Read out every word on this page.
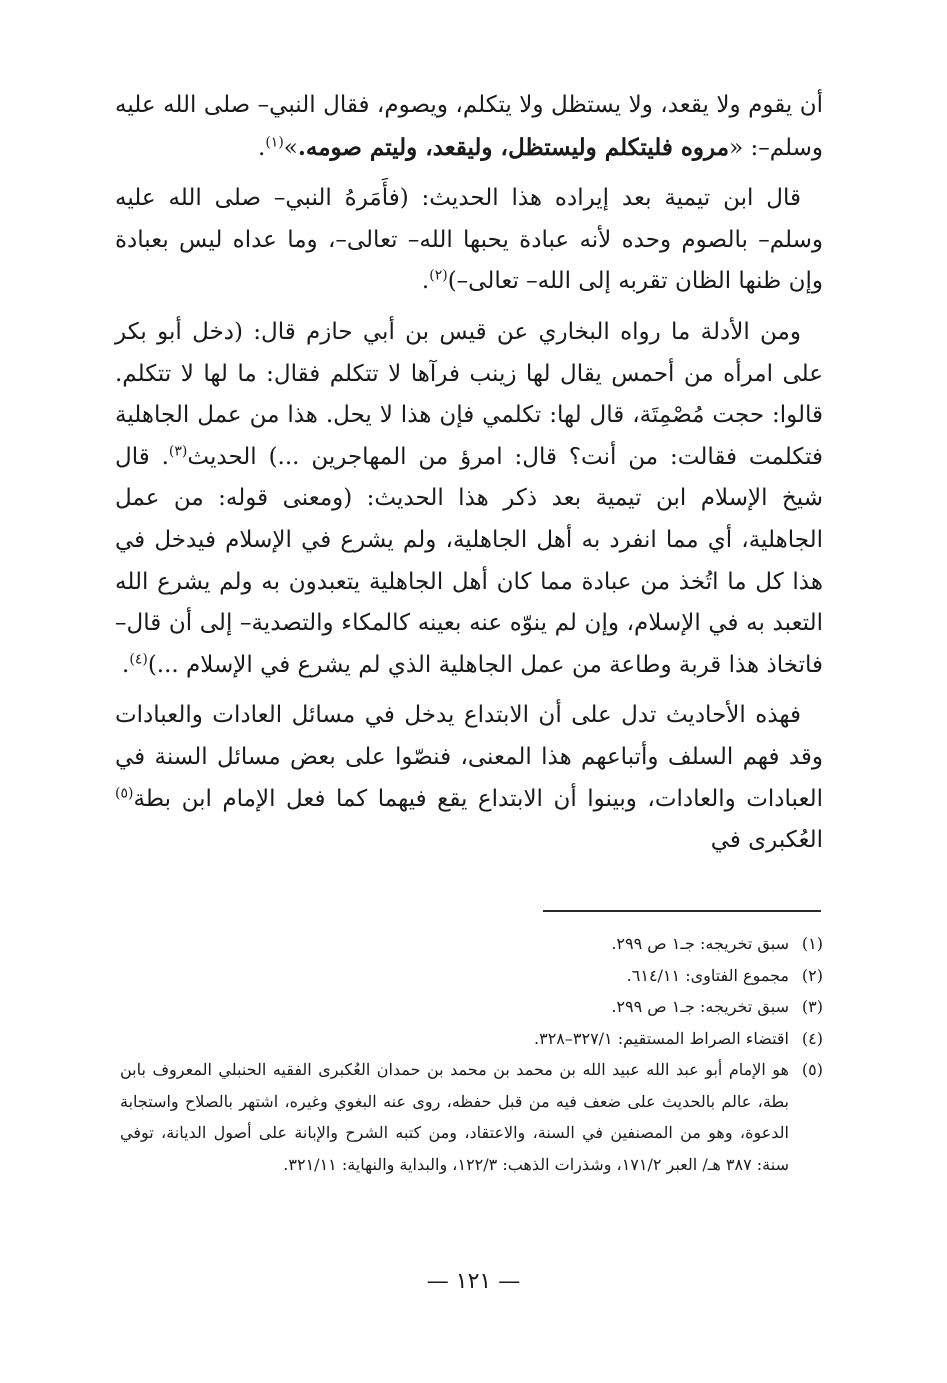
أن يقوم ولا يقعد، ولا يستظل ولا يتكلم، ويصوم، فقال النبي– صلى الله عليه وسلم–: «مروه فليتكلم وليستظل، وليقعد، وليتم صومه.»$^{(١)}$.

قال ابن تيمية بعد إيراده هذا الحديث: (فأَمَرهُ النبي– صلى الله عليه وسلم– بالصوم وحده لأنه عبادة يحبها الله– تعالى–، وما عداه ليس بعبادة وإن ظنها الظان تقربه إلى الله– تعالى–)$^{(٢)}$.

ومن الأدلة ما رواه البخاري عن قيس بن أبي حازم قال: (دخل أبو بكر على امرأه من أحمس يقال لها زينب فرآها لا تتكلم فقال: ما لها لا تتكلم. قالوا: حجت مُصْمِتَة، قال لها: تكلمي فإن هذا لا يحل. هذا من عمل الجاهلية فتكلمت فقالت: من أنت؟ قال: امرؤ من المهاجرين ...) الحديث$^{(٣)}$. قال شيخ الإسلام ابن تيمية بعد ذكر هذا الحديث: (ومعنى قوله: من عمل الجاهلية، أي مما انفرد به أهل الجاهلية، ولم يشرع في الإسلام فيدخل في هذا كل ما اتُخذ من عبادة مما كان أهل الجاهلية يتعبدون به ولم يشرع الله التعبد به في الإسلام، وإن لم ينوّه عنه بعينه كالمكاء والتصدية– إلى أن قال– فاتخاذ هذا قربة وطاعة من عمل الجاهلية الذي لم يشرع في الإسلام ...)$^{(٤)}$.

فهذه الأحاديث تدل على أن الابتداع يدخل في مسائل العادات والعبادات وقد فهم السلف وأتباعهم هذا المعنى، فنصّوا على بعض مسائل السنة في العبادات والعادات، وبينوا أن الابتداع يقع فيهما كما فعل الإمام ابن بطة$^{(٥)}$ العُكبرى في

(١)
سبق تخريجه: جـ١ ص ٢٩٩.
(٢)
مجموع الفتاوى: ٦١٤/١١.
(٣)
سبق تخريجه: جـ١ ص ٢٩٩.
(٤)
اقتضاء الصراط المستقيم: ٣٢٧/١–٣٢٨.
(٥)
هو الإمام أبو عبد الله عبيد الله بن محمد بن محمد بن حمدان العُكبرى الفقيه الحنبلي المعروف بابن بطة، عالم بالحديث على ضعف فيه من قبل حفظه، روى عنه البغوي وغيره، اشتهر بالصلاح واستجابة الدعوة، وهو من المصنفين في السنة، والاعتقاد، ومن كتبه الشرح والإبانة على أصول الديانة، توفي سنة: ٣٨٧ هـ/ العبر ١٧١/٢، وشذرات الذهب: ١٢٢/٣، والبداية والنهاية: ٣٢١/١١.
— ١٢١ —
